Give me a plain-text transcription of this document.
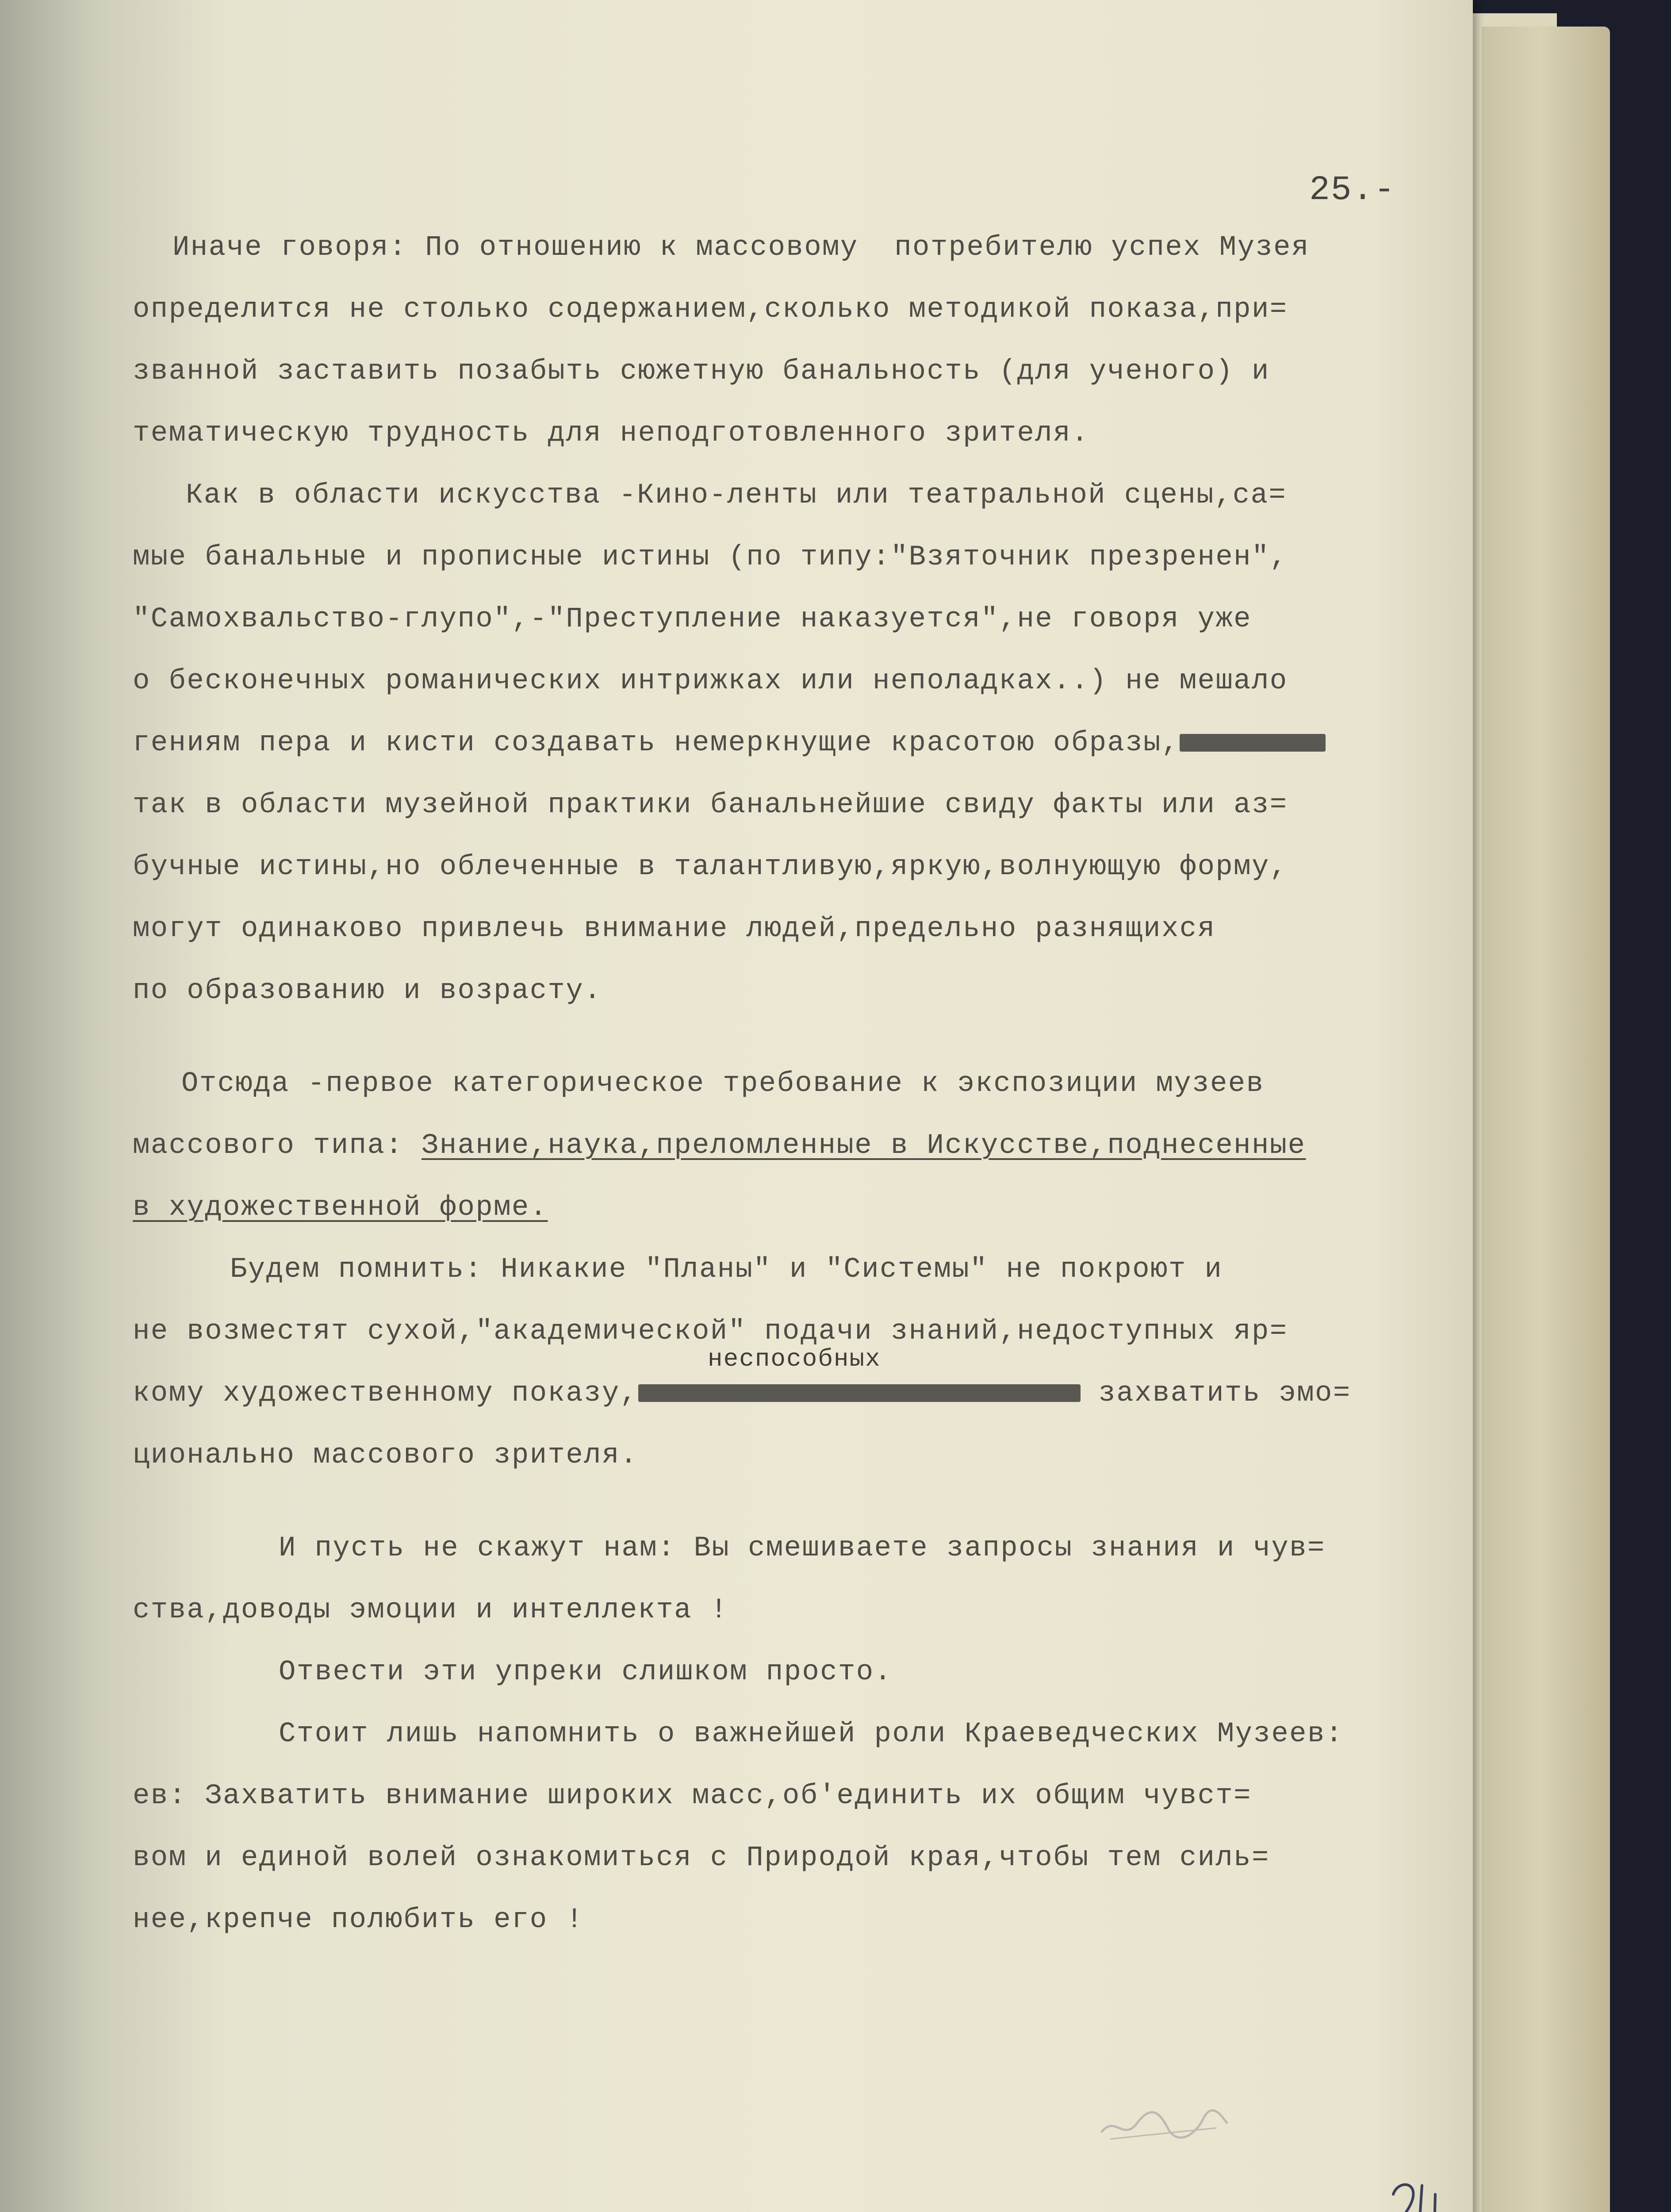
25.-
Иначе говоря: По отношению к массовому  потребителю успех Музея
определится не столько содержанием,сколько методикой показа,при=
званной заставить позабыть сюжетную банальность (для ученого) и
тематическую трудность для неподготовленного зрителя.
Как в области искусства -Кино-ленты или театральной сцены,са=
мые банальные и прописные истины (по типу:"Взяточник презренен",
"Самохвальство-глупо",-"Преступление наказуется",не говоря уже
о бесконечных романических интрижках или неполадках..) не мешало
гениям пера и кисти создавать немеркнущие красотою образы,
так в области музейной практики банальнейшие свиду факты или аз=
бучные истины,но облеченные в талантливую,яркую,волнующую форму,
могут одинаково привлечь внимание людей,предельно разнящихся
по образованию и возрасту.
Отсюда -первое категорическое требование к экспозиции музеев
массового типа: Знание,наука,преломленные в Искусстве,поднесенные
в художественной форме.
Будем помнить: Никакие "Планы" и "Системы" не покроют и
не возместят сухой,"академической" подачи знаний,недоступных яр=
неспособных
кому художественному показу,	захватить эмо=
ционально массового зрителя.
И пусть не скажут нам: Вы смешиваете запросы знания и чув=
ства,доводы эмоции и интеллекта !
Отвести эти упреки слишком просто.
Стоит лишь напомнить о важнейшей роли Краеведческих Музеев:
ев: Захватить внимание широких масс,об'единить их общим чувст=
вом и единой волей ознакомиться с Природой края,чтобы тем силь=
нее,крепче полюбить его !
